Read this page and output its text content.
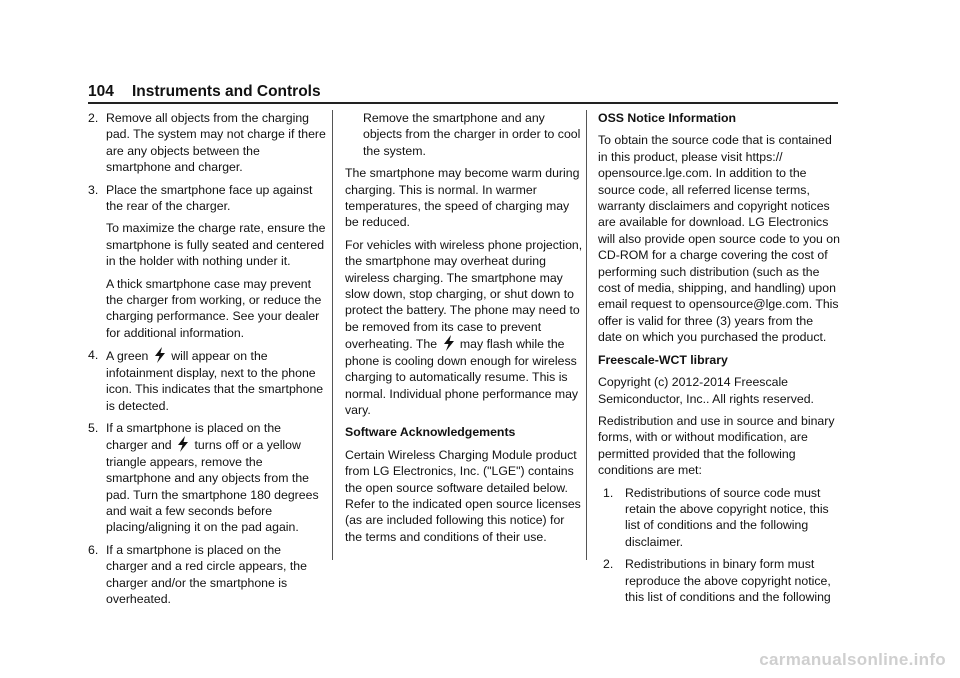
104 Instruments and Controls
2. Remove all objects from the charging pad. The system may not charge if there are any objects between the smartphone and charger.
3. Place the smartphone face up against the rear of the charger.
To maximize the charge rate, ensure the smartphone is fully seated and centered in the holder with nothing under it.
A thick smartphone case may prevent the charger from working, or reduce the charging performance. See your dealer for additional information.
4. A green will appear on the infotainment display, next to the phone icon. This indicates that the smartphone is detected.
5. If a smartphone is placed on the charger and turns off or a yellow triangle appears, remove the smartphone and any objects from the pad. Turn the smartphone 180 degrees and wait a few seconds before placing/aligning it on the pad again.
6. If a smartphone is placed on the charger and a red circle appears, the charger and/or the smartphone is overheated.
Remove the smartphone and any objects from the charger in order to cool the system.

The smartphone may become warm during charging. This is normal. In warmer temperatures, the speed of charging may be reduced.

For vehicles with wireless phone projection, the smartphone may overheat during wireless charging. The smartphone may slow down, stop charging, or shut down to protect the battery. The phone may need to be removed from its case to prevent overheating. The may flash while the phone is cooling down enough for wireless charging to automatically resume. This is normal. Individual phone performance may vary.

Software Acknowledgements

Certain Wireless Charging Module product from LG Electronics, Inc. ("LGE") contains the open source software detailed below. Refer to the indicated open source licenses (as are included following this notice) for the terms and conditions of their use.

OSS Notice Information

To obtain the source code that is contained in this product, please visit https:// opensource.lge.com. In addition to the source code, all referred license terms, warranty disclaimers and copyright notices are available for download. LG Electronics will also provide open source code to you on CD-ROM for a charge covering the cost of performing such distribution (such as the cost of media, shipping, and handling) upon email request to opensource@lge.com. This offer is valid for three (3) years from the date on which you purchased the product.

Freescale-WCT library

Copyright (c) 2012-2014 Freescale Semiconductor, Inc.. All rights reserved.

Redistribution and use in source and binary forms, with or without modification, are permitted provided that the following conditions are met:

1. Redistributions of source code must retain the above copyright notice, this list of conditions and the following disclaimer.
2. Redistributions in binary form must reproduce the above copyright notice, this list of conditions and the following
carmanualsonline.info
